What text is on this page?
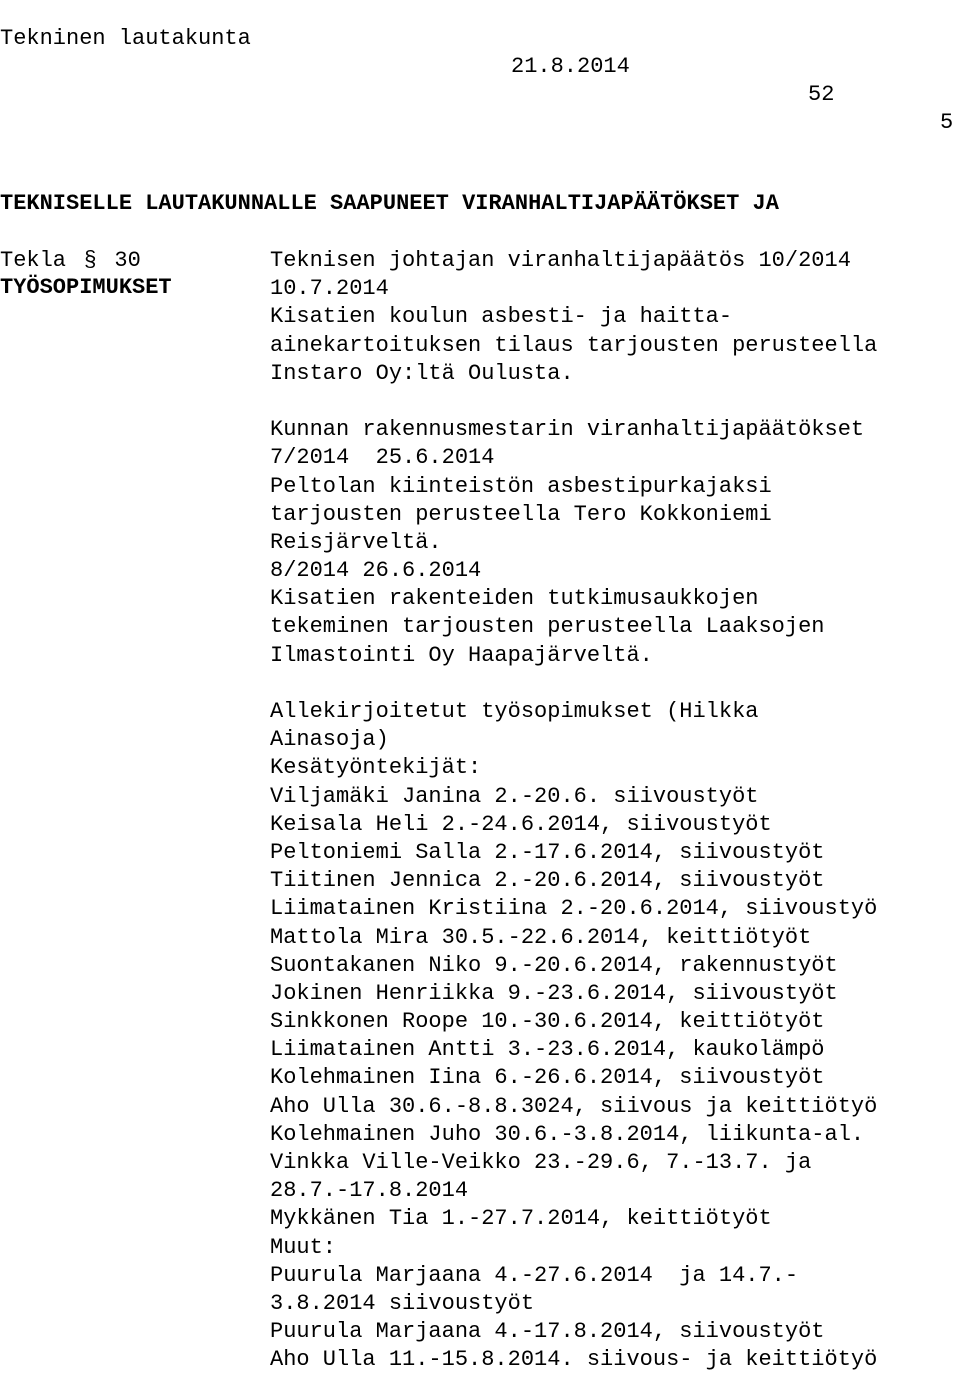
Tekninen lautakunta

21.8.2014

52

5

TEKNISELLE LAUTAKUNNALLE SAAPUNEET VIRANHALTIJAPÄÄTÖKSET JA

TYÖSOPIMUKSET

Tekla § 30	Teknisen johtajan viranhaltijapäätös 10/2014
10.7.2014
Kisatien koulun asbesti- ja haitta-
ainekartoituksen tilaus tarjousten perusteella
Instaro Oy:ltä Oulusta.
Kunnan rakennusmestarin viranhaltijapäätökset
7/2014  25.6.2014
Peltolan kiinteistön asbestipurkajaksi
tarjousten perusteella Tero Kokkoniemi
Reisjärveltä.
8/2014 26.6.2014
Kisatien rakenteiden tutkimusaukkojen
tekeminen tarjousten perusteella Laaksojen
Ilmastointi Oy Haapajärveltä.
Allekirjoitetut työsopimukset (Hilkka
Ainasoja)
Kesätyöntekijät:
Viljamäki Janina 2.-20.6. siivoustyöt
Keisala Heli 2.-24.6.2014, siivoustyöt
Peltoniemi Salla 2.-17.6.2014, siivoustyöt
Tiitinen Jennica 2.-20.6.2014, siivoustyöt
Liimatainen Kristiina 2.-20.6.2014, siivoustyö
Mattola Mira 30.5.-22.6.2014, keittiötyöt
Suontakanen Niko 9.-20.6.2014, rakennustyöt
Jokinen Henriikka 9.-23.6.2014, siivoustyöt
Sinkkonen Roope 10.-30.6.2014, keittiötyöt
Liimatainen Antti 3.-23.6.2014, kaukolämpö
Kolehmainen Iina 6.-26.6.2014, siivoustyöt
Aho Ulla 30.6.-8.8.3024, siivous ja keittiötyö
Kolehmainen Juho 30.6.-3.8.2014, liikunta-al.
Vinkka Ville-Veikko 23.-29.6, 7.-13.7. ja
28.7.-17.8.2014
Mykkänen Tia 1.-27.7.2014, keittiötyöt
Muut:
Puurula Marjaana 4.-27.6.2014  ja 14.7.-
3.8.2014 siivoustyöt
Puurula Marjaana 4.-17.8.2014, siivoustyöt
Aho Ulla 11.-15.8.2014. siivous- ja keittiötyö
